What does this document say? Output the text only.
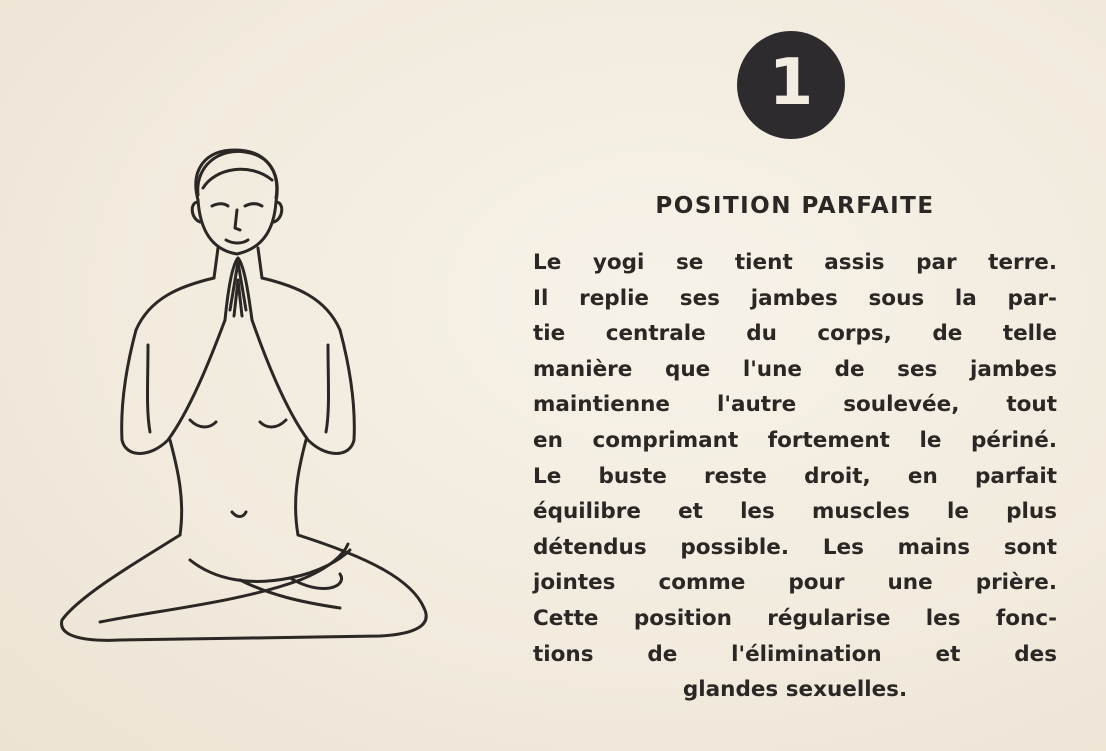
1
POSITION PARFAITE
Le yogi se tient assis par terre.
Il replie ses jambes sous la par-
tie centrale du corps, de telle
manière que l'une de ses jambes
maintienne l'autre soulevée, tout
en comprimant fortement le périné.
Le buste reste droit, en parfait
équilibre et les muscles le plus
détendus possible. Les mains sont
jointes comme pour une prière.
Cette position régularise les fonc-
tions de l'élimination et des
glandes sexuelles.
